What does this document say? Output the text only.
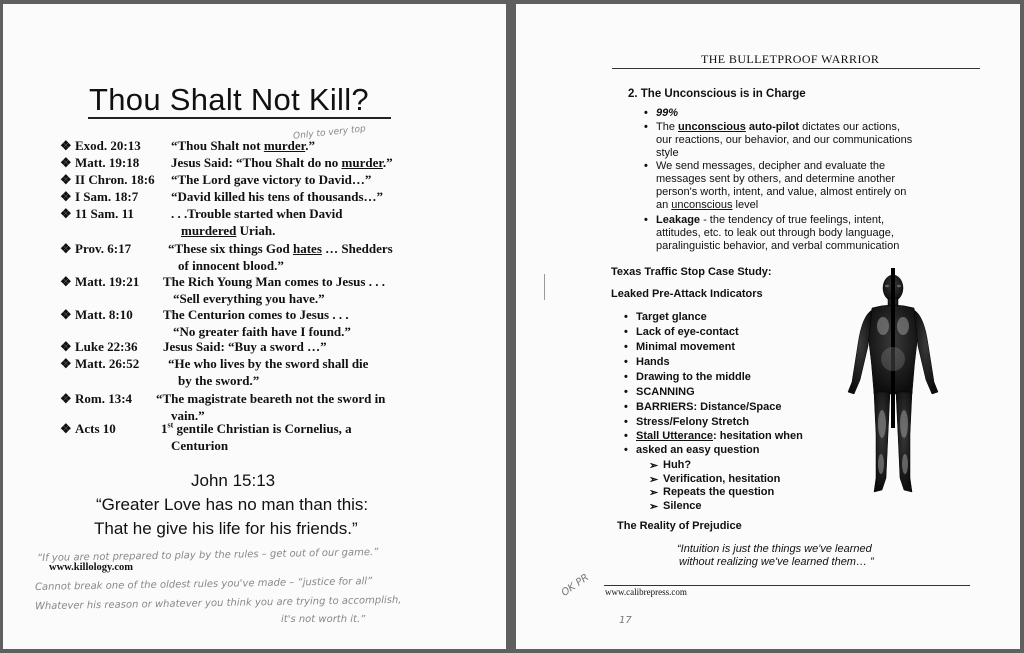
Thou Shalt Not Kill?
Only to very top
John 15:13
“Greater Love has no man than this:
That he give his life for his friends.”
“If you are not prepared to play by the rules – get out of our game.”
www.killology.com
Cannot break one of the oldest rules you've made – “justice for all”
Whatever his reason or whatever you think you are trying to accomplish,
it's not worth it.”
❖ Exod. 20:13 “Thou Shalt not murder.”
❖ Matt. 19:18 Jesus Said: “Thou Shalt do no murder.”
❖ II Chron. 18:6 “The Lord gave victory to David…”
❖ I Sam. 18:7	“David killed his tens of thousands…”
❖ 11 Sam. 11	. . .Trouble started when David
murdered Uriah.
❖ Prov. 6:17	“These six things God hates … Shedders
of innocent blood.”
❖ Matt. 19:21 The Rich Young Man comes to Jesus . . .
“Sell everything you have.”
❖ Matt. 8:10 The Centurion comes to Jesus . . .
“No greater faith have I found.”
❖ Luke 22:36 Jesus Said: “Buy a sword …”
❖ Matt. 26:52 “He who lives by the sword shall die
by the sword.”
❖ Rom. 13:4 “The magistrate beareth not the sword in
vain.”
❖ Acts 10	1st gentile Christian is Cornelius, a
Centurion
THE BULLETPROOF WARRIOR
2. The Unconscious is in Charge
• 99%
• The unconscious auto-pilot dictates our actions,
our reactions, our behavior, and our communications
style
• We send messages, decipher and evaluate the
messages sent by others, and determine another
person's worth, intent, and value, almost entirely on
an unconscious level
• Leakage - the tendency of true feelings, intent,
attitudes, etc. to leak out through body language,
paralinguistic behavior, and verbal communication
Texas Traffic Stop Case Study:
Leaked Pre-Attack Indicators
• Stall Utterance: hesitation when
• asked an easy question
The Reality of Prejudice
“Intuition is just the things we've learned
without realizing we've learned them… ”
www.calibrepress.com
OK PR
17
• Target glance
• Lack of eye-contact
• Minimal movement
• Hands
• Drawing to the middle
• SCANNING
• BARRIERS: Distance/Space
• Stress/Felony Stretch
➢ Huh?
➢ Verification, hesitation
➢ Repeats the question
➢ Silence
